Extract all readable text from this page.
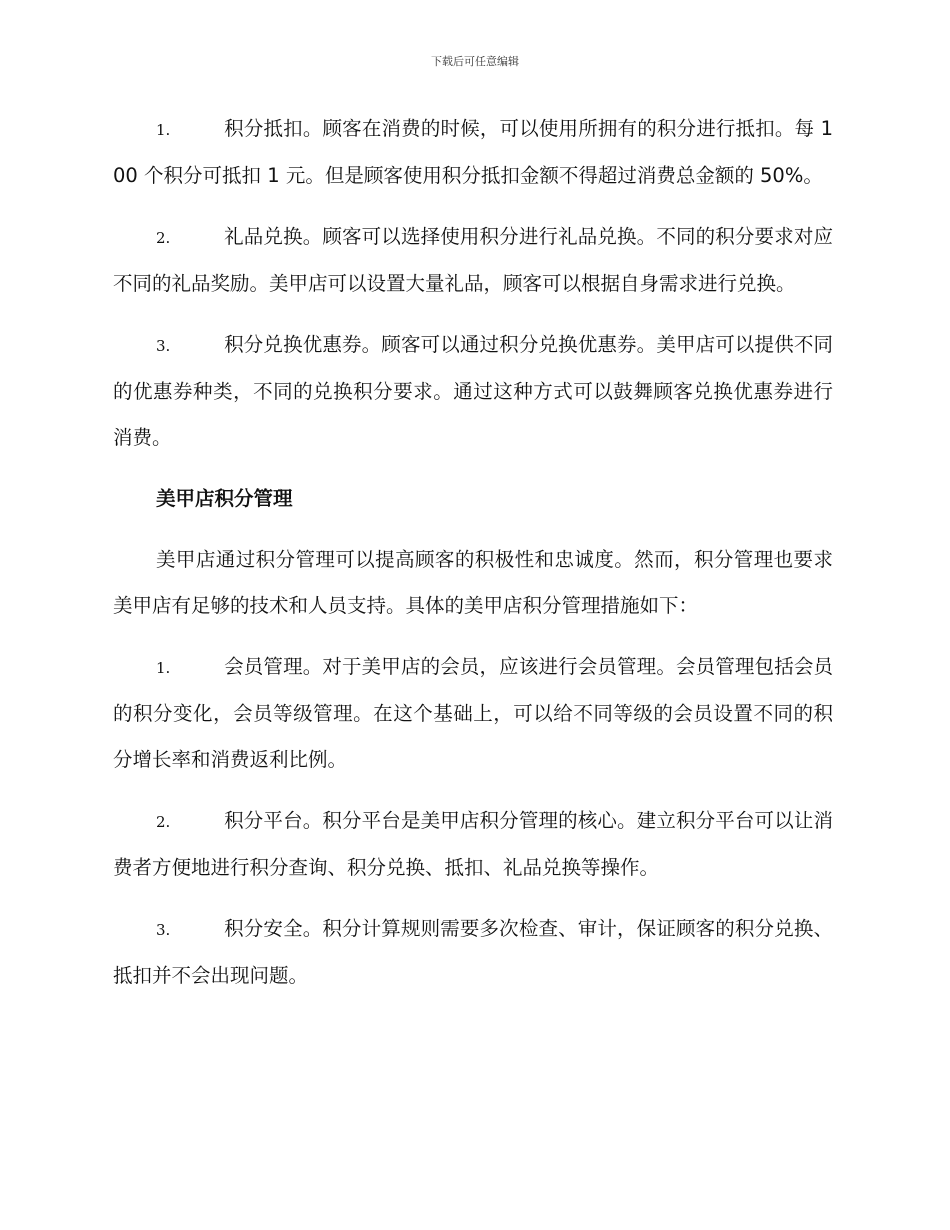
下载后可任意编辑

1.	积分抵扣。顾客在消费的时候，可以使用所拥有的积分进行抵扣。每 100 个积分可抵扣 1 元。但是顾客使用积分抵扣金额不得超过消费总金额的 50%。

2.	礼品兑换。顾客可以选择使用积分进行礼品兑换。不同的积分要求对应不同的礼品奖励。美甲店可以设置大量礼品，顾客可以根据自身需求进行兑换。

3.	积分兑换优惠券。顾客可以通过积分兑换优惠券。美甲店可以提供不同的优惠券种类，不同的兑换积分要求。通过这种方式可以鼓舞顾客兑换优惠券进行消费。

美甲店积分管理

美甲店通过积分管理可以提高顾客的积极性和忠诚度。然而，积分管理也要求美甲店有足够的技术和人员支持。具体的美甲店积分管理措施如下：

1.	会员管理。对于美甲店的会员，应该进行会员管理。会员管理包括会员的积分变化，会员等级管理。在这个基础上，可以给不同等级的会员设置不同的积分增长率和消费返利比例。

2.	积分平台。积分平台是美甲店积分管理的核心。建立积分平台可以让消费者方便地进行积分查询、积分兑换、抵扣、礼品兑换等操作。

3.	积分安全。积分计算规则需要多次检查、审计，保证顾客的积分兑换、抵扣并不会出现问题。
